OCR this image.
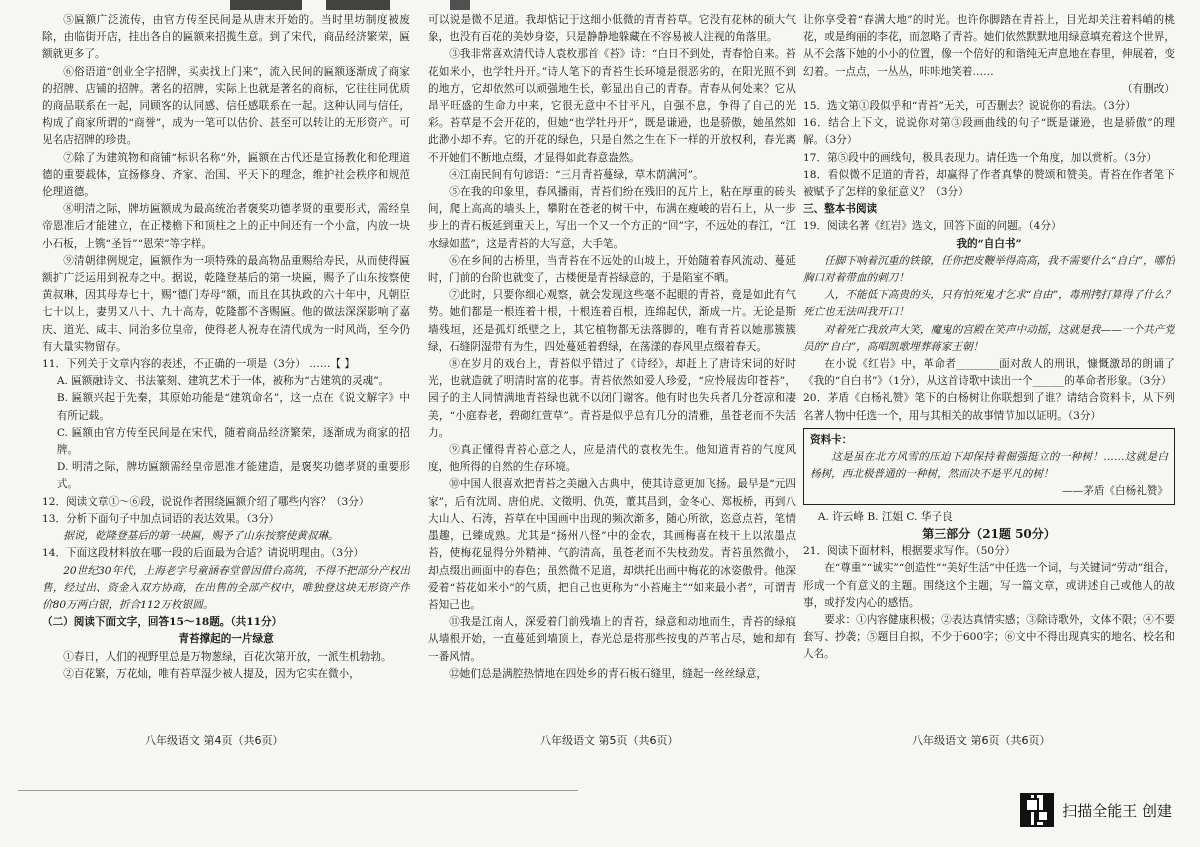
⑤匾额广泛流传，由官方传至民间是从唐末开始的。当时里坊制度被废除，由临街开店，挂出各自的匾额来招揽生意。到了宋代，商品经济繁荣，匾额就更多了。

⑥俗语道“创业全字招牌，买卖找上门来”，流入民间的匾额逐渐成了商家的招牌、店铺的招牌。著名的招牌，实际上也就是著名的商标，它往往同优质的商品联系在一起，同顾客的认同感、信任感联系在一起。这种认同与信任，构成了商家所谓的“商誉”，成为一笔可以估价、甚至可以转让的无形资产。可见名店招牌的珍贵。

⑦除了为建筑物和商铺“标识名称”外，匾额在古代还是宣扬教化和伦理道德的重要载体，宣扬修身、齐家、治国、平天下的理念，维护社会秩序和规范伦理道德。

⑧明清之际，牌坊匾额成为最高统治者褒奖功德孝贤的重要形式，需经皇帝恩准后才能建立，在正楼檐下和顶柱之上的正中间还有一个小盒，内放一块小石板，上镌“圣旨”“恩荣”等字样。

⑨清朝律例规定，匾额作为一项特殊的最高物品重赐给寿民，从而使得匾额扩广泛运用到祝寿之中。据说，乾隆登基后的第一块匾，赐予了山东按察使黄叔琳，因其母寿七十，赐“德门寿母”额，而且在其执政的六十年中，凡朝臣七十以上，妻男又八十、九十高寿，乾隆都不吝赐匾。他的做法深深影响了嘉庆、道光、咸丰、同治多位皇帝，使得老人祝寿在清代成为一时风尚，至今仍有大量实物留存。

11．下列关于文章内容的表述，不正确的一项是（3分） ……【 】

A. 匾额融诗文、书法篆刻、建筑艺术于一体，被称为“古建筑的灵魂”。

B. 匾额兴起于先秦，其原始功能是“建筑命名”，这一点在《说文解字》中有所记载。

C. 匾额由官方传至民间是在宋代，随着商品经济繁荣，逐渐成为商家的招牌。

D. 明清之际，牌坊匾额需经皇帝恩准才能建造，是褒奖功德孝贤的重要形式。

12．阅读文章①～⑥段，说说作者围绕匾额介绍了哪些内容？（3分）

13．分析下面句子中加点词语的表达效果。（3分）

据说，乾隆登基后的第一块匾，赐予了山东按察使黄叔琳。

14．下面这段材料放在哪一段的后面最为合适？请说明理由。（3分）

20世纪30年代，上海老字号童涵春堂曾因借台高筑，不得不把部分产权出售，经过出、资金入双方协商，在出售的全部产权中，唯独登这块无形资产作价80万两白银，折合112万枚银圆。

（二）阅读下面文字，回答15～18题。（共11分）

青苔撑起的一片绿意

①春日，人们的视野里总是万物葱绿，百花次第开放，一派生机勃勃。

②百花繁，万花灿，唯有苔草湿少被人提及，因为它实在微小，

可以说是微不足道。我却惦记于这细小低微的青青苔草。它没有花林的硕大气象，也没有百花的美妙身姿，只是静静地躲藏在不容易被人注视的角落里。

③我非常喜欢清代诗人袁枚那首《苔》诗：“白日不到处，青春恰自来。苔花如米小，也学牡丹开。”诗人笔下的青苔生长环境是很恶劣的，在阳光照不到的地方，它却依然可以顽强地生长，彰显出自己的青春。青春从何处来？它从昂平旺盛的生命力中来，它很无意中不甘平凡，自强不息，争得了自己的光彩。苔草是不会开花的，但她“也学牡丹开”，既是谦逊，也是骄傲，她虽然如此渺小却不弃。它的开花的绿色，只是自然之生在下一样的开放权利，春光离不开她们不断地点缀，才显得如此春意盎然。

④江南民间有句谚语：“三月青苔蔓绿，草木荫满河”。

⑤在我的印象里，春风播雨，青苔们纷在残旧的瓦片上，粘在厚重的砖头间，爬上高高的墙头上，攀附在苍老的树干中，布满在瘦峻的岩石上，从一步步上的青石板延到重天上，写出一个又一个方正的“回”字，不远处的春江，“江水绿如蓝”，这是青苔的大写意，大手笔。

⑥在乡间的古桥里，当青苔在不远处的山坡上，开始随着春风流动、蔓延时，门前的台阶也就变了，古楼便是青苔绿意的，于是陷室不晒。

⑦此时，只要你细心观察，就会发现这些毫不起眼的青苔，竟是如此有气势。她们都是一根连着十根，十根连着百根，连绵起伏，渐成一片。无论是斯墙残垣，还是孤灯纸壁之上，其它植物都无法落脚的，唯有青苔以她那簇簇绿，石缝阴湿带有为生，四处蔓延着碧绿，在荡漾的春风里点缀着春天。

⑧在岁月的戏台上，青苔似乎错过了《诗经》，却赶上了唐诗宋词的好时光，也就造就了明清时富的花事。青苔依然如爱人珍爱，“应怜屐齿印苍苔”，园子的主人同情满地青苔绿也就不以闭门谢客。他有时也失兵者几分苍凉和凄美，“小庭春老，碧砌红萱草”。青苔是似乎总有几分的清雅，虽苍老而不失活力。

⑨真正懂得青苔心意之人，应是清代的袁枚先生。他知道青苔的气度风度，他所得的自然的生存环境。

⑩中国人很喜欢把青苔之美融入古典中，使其诗意更加飞扬。最早是“元四家”，后有沈周、唐伯虎、文徵明、仇英，董其昌到，金冬心、郑板桥，再到八大山人、石涛，苔草在中国画中出现的频次渐多，随心所欲，恣意点苔，笔情墨趣，已臻成熟。尤其是“扬州八怪”中的金农，其画梅喜在枝干上以浓墨点苔，使梅花显得分外精神、气韵清高，虽苍老而不失枝劲发。青苔虽然微小，却点缀出画面中的春色；虽然微不足道，却烘托出画中梅花的冰姿傲骨。他深爱着“苔花如米小”的气质，把自己也更称为“小苔庵主”“如来最小者”，可谓青苔知己也。

⑪我是江南人，深爱着门前残墙上的青苔，绿意和动地而生，青苔的绿痕从墙根开始，一直蔓延到墙顶上，春光总是将那些按曳的芦苇占尽，她和却有一番风情。

⑫她们总是满腔热情地在四处乡的青石板石缝里，缝起一丝丝绿意，

让你享受着“春满大地”的时光。也许你脚踏在青苔上，目光却关注着料峭的桃花，或是绚丽的李花，而忽略了青苔。她们依然默默地用绿意填充着这个世界，从不会落下她的小小的位置，像一个倍好的和谐纯无声息地在春里，伸展着，变幻着。一点点，一丛丛，咔咔地笑着……

（有删改）

15．选文第①段似乎和“青苔”无关，可否删去？说说你的看法。（3分）

16．结合上下文，说说你对第③段画曲线的句子“既是谦逊，也是骄傲”的理解。（3分）

17．第⑤段中的画线句，极具表现力。请任选一个角度，加以赏析。（3分）

18．看似微不足道的青苔，却赢得了作者真挚的赞颂和赞美。青苔在作者笔下被赋予了怎样的象征意义？（3分）

三、整本书阅读

19．阅读名著《红岩》选文，回答下面的问题。（4分）

我的“自白书”

任脚下响着沉重的铁镣，任你把皮鞭举得高高，我不需要什么“自白”，哪怕胸口对着带血的刺刀！

人，不能低下高贵的头，只有怕死鬼才乞求“自由”，毒刑拷打算得了什么？死亡也无法叫我开口！

对着死亡我放声大笑，魔鬼的宫殿在笑声中动摇，这就是我——一个共产党员的“自白”，高唱凯歌埋葬蒋家王朝！

在小说《红岩》中，革命者________面对敌人的刑讯，慷慨激昂的朗诵了《我的“自白书”》（1分），从这首诗歌中读出一个______的革命者形象。（3分）

20．茅盾《白杨礼赞》笔下的白杨树让你联想到了谁？请结合资料卡，从下列名著人物中任选一个，用与其相关的故事情节加以证明。（3分）

资料卡：

这是虽在北方风雪的压迫下却保持着倔强挺立的一种树！……这就是白杨树，西北极普通的一种树，然而决不是平凡的树！

——茅盾《白杨礼赞》

A. 许云峰 B. 江姐 C. 华子良

第三部分（21题 50分）

21．阅读下面材料，根据要求写作。（50分）

在“尊重”“诚实”“创造性”“美好生活”中任选一个词，与关键词“劳动”组合，形成一个有意义的主题。围绕这个主题，写一篇文章，或讲述自己或他人的故事，或抒发内心的感悟。

要求：①内容健康积极；②表达真情实感；③除诗歌外，文体不限；④不要套写、抄袭；⑤题目自拟，不少于600字；⑥文中不得出现真实的地名、校名和人名。

八年级语文 第4页（共6页）	八年级语文 第5页（共6页）	八年级语文 第6页（共6页）
扫描全能王 创建
